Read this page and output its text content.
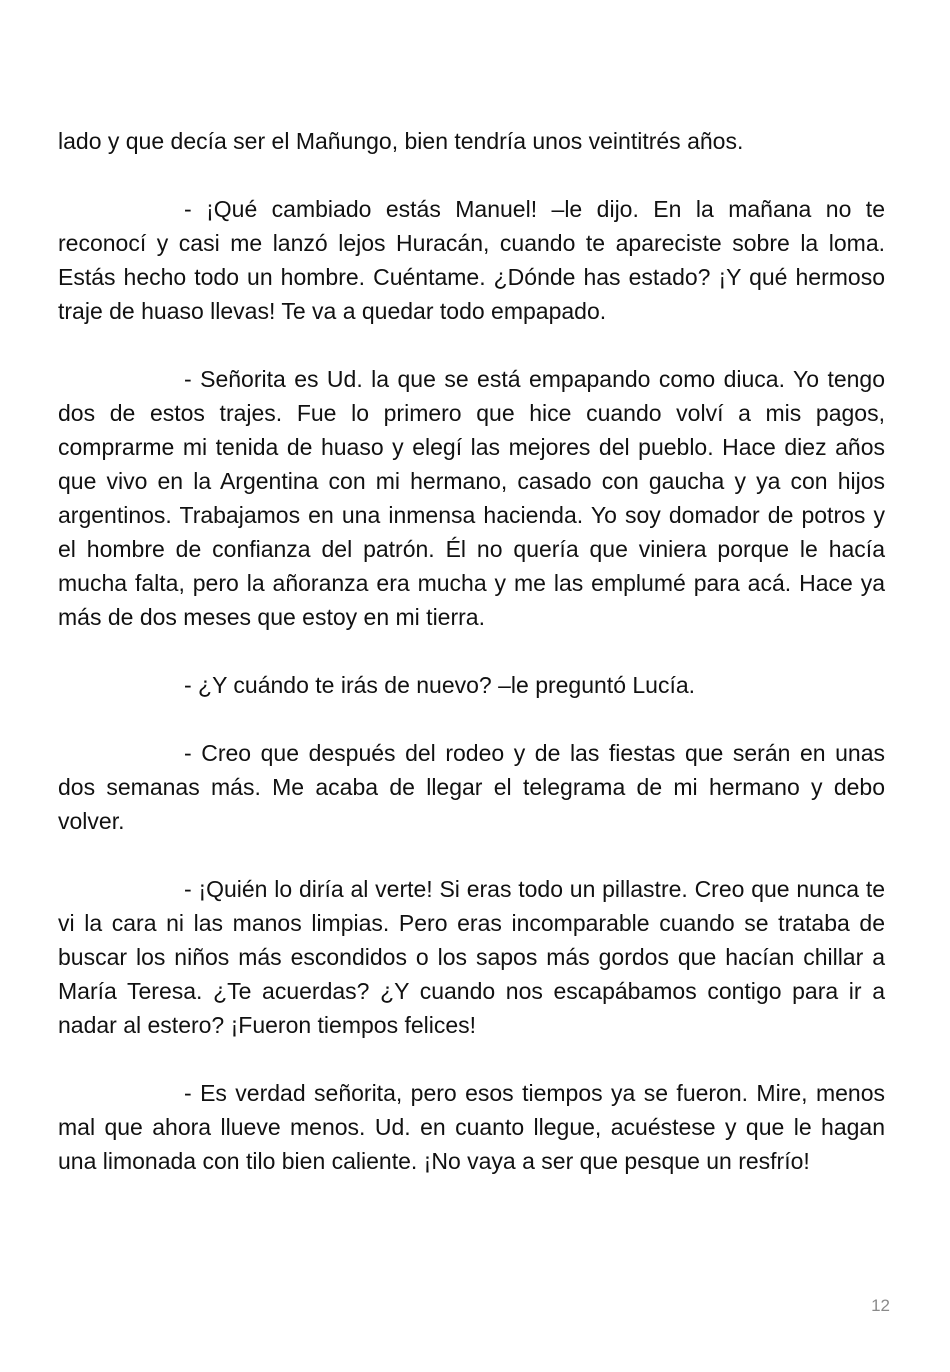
lado y que decía ser el Mañungo, bien tendría unos veintitrés años.

- ¡Qué cambiado estás Manuel! –le dijo. En la mañana no te reconocí y casi me lanzó lejos Huracán, cuando te apareciste sobre la loma. Estás hecho todo un hombre. Cuéntame. ¿Dónde has estado? ¡Y qué hermoso traje de huaso llevas! Te va a quedar todo empapado.

- Señorita es Ud. la que se está empapando como diuca. Yo tengo dos de estos trajes. Fue lo primero que hice cuando volví a mis pagos, comprarme mi tenida de huaso y elegí las mejores del pueblo. Hace diez años que vivo en la Argentina con mi hermano, casado con gaucha y ya con hijos argentinos. Trabajamos en una inmensa hacienda. Yo soy domador de potros y el hombre de confianza del patrón. Él no quería que viniera porque le hacía mucha falta, pero la añoranza era mucha y me las emplumé para acá. Hace ya más de dos meses que estoy en mi tierra.

- ¿Y cuándo te irás de nuevo? –le preguntó Lucía.

- Creo que después del rodeo y de las fiestas que serán en unas dos semanas más. Me acaba de llegar el telegrama de mi hermano y debo volver.

- ¡Quién lo diría al verte! Si eras todo un pillastre. Creo que nunca te vi la cara ni las manos limpias. Pero eras incomparable cuando se trataba de buscar los niños más escondidos o los sapos más gordos que hacían chillar a María Teresa. ¿Te acuerdas? ¿Y cuando nos escapábamos contigo para ir a nadar al estero? ¡Fueron tiempos felices!

- Es verdad señorita, pero esos tiempos ya se fueron. Mire, menos mal que ahora llueve menos. Ud. en cuanto llegue, acuéstese y que le hagan una limonada con tilo bien caliente. ¡No vaya a ser que pesque un resfrío!

12
